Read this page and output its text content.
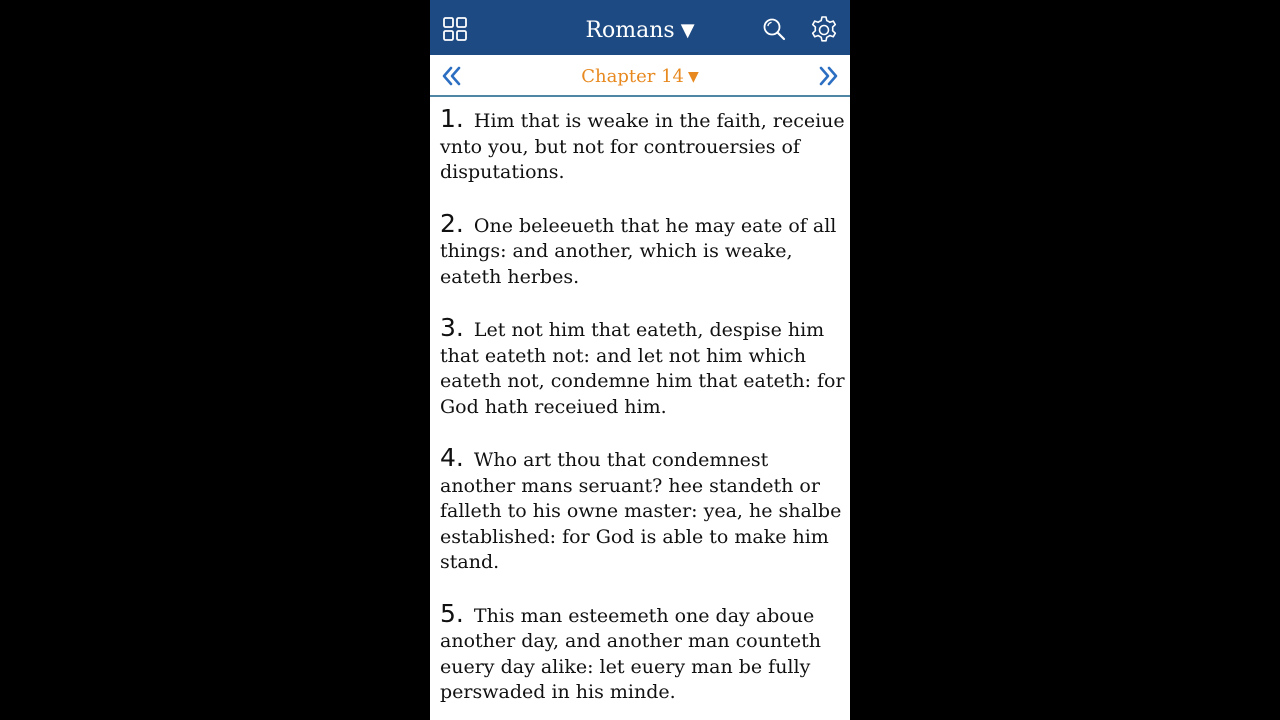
Romans ▼
Chapter 14 ▼
1. Him that is weake in the faith, receiue vnto you, but not for controuersies of disputations.
2. One beleeueth that he may eate of all things: and another, which is weake, eateth herbes.
3. Let not him that eateth, despise him that eateth not: and let not him which eateth not, condemne him that eateth: for God hath receiued him.
4. Who art thou that condemnest another mans seruant? hee standeth or falleth to his owne master: yea, he shalbe established: for God is able to make him stand.
5. This man esteemeth one day aboue another day, and another man counteth euery day alike: let euery man be fully perswaded in his minde.
